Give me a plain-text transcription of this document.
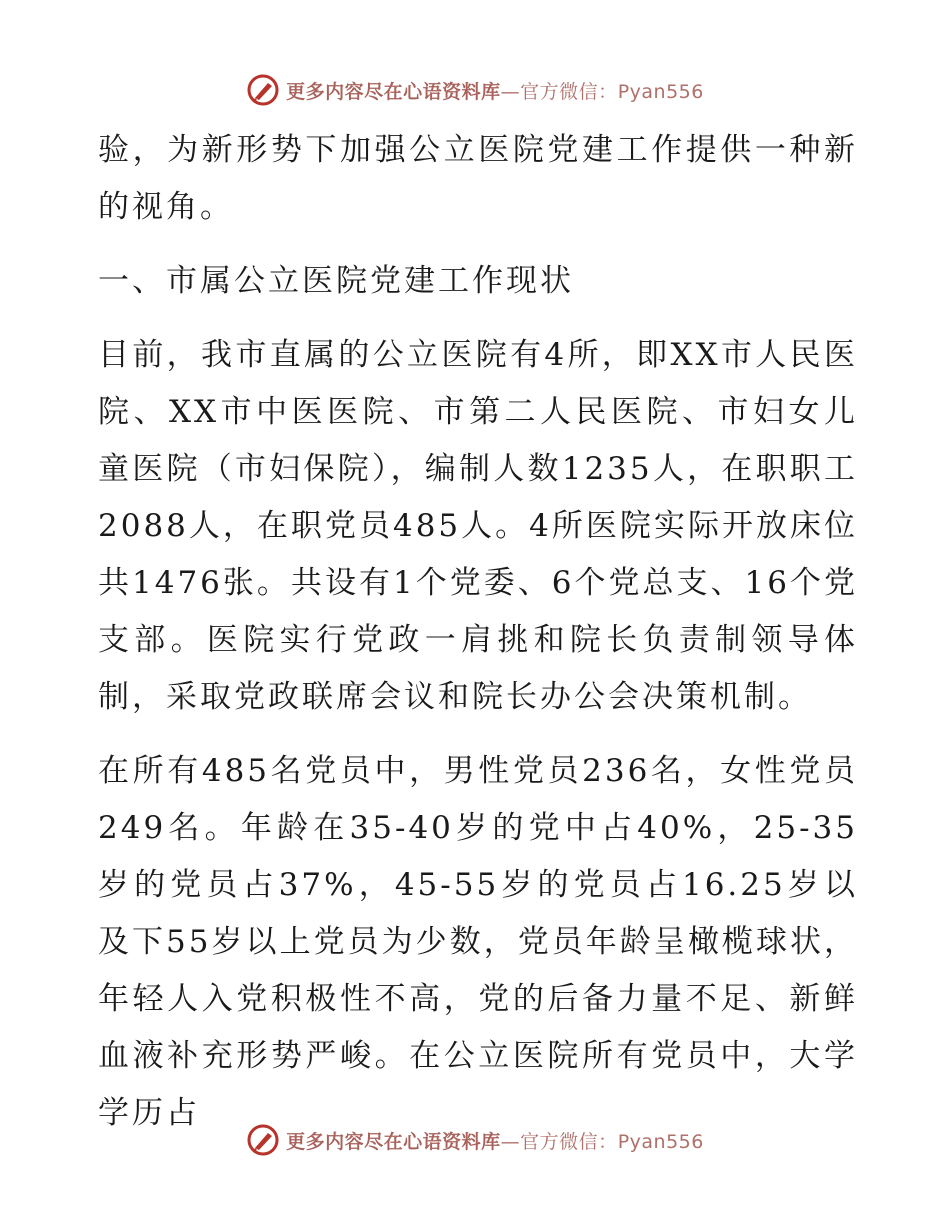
更多内容尽在心语资料库—官方微信：Pyan556

验，为新形势下加强公立医院党建工作提供一种新的视角。

一、市属公立医院党建工作现状

目前，我市直属的公立医院有4所，即XX市人民医院、XX市中医医院、市第二人民医院、市妇女儿童医院（市妇保院），编制人数1235人，在职职工2088人，在职党员485人。4所医院实际开放床位共1476张。共设有1个党委、6个党总支、16个党支部。医院实行党政一肩挑和院长负责制领导体制，采取党政联席会议和院长办公会决策机制。

在所有485名党员中，男性党员236名，女性党员249名。年龄在35-40岁的党中占40%，25-35岁的党员占37%，45-55岁的党员占16.25岁以及下55岁以上党员为少数，党员年龄呈橄榄球状，年轻人入党积极性不高，党的后备力量不足、新鲜血液补充形势严峻。在公立医院所有党员中，大学学历占

更多内容尽在心语资料库—官方微信：Pyan556
